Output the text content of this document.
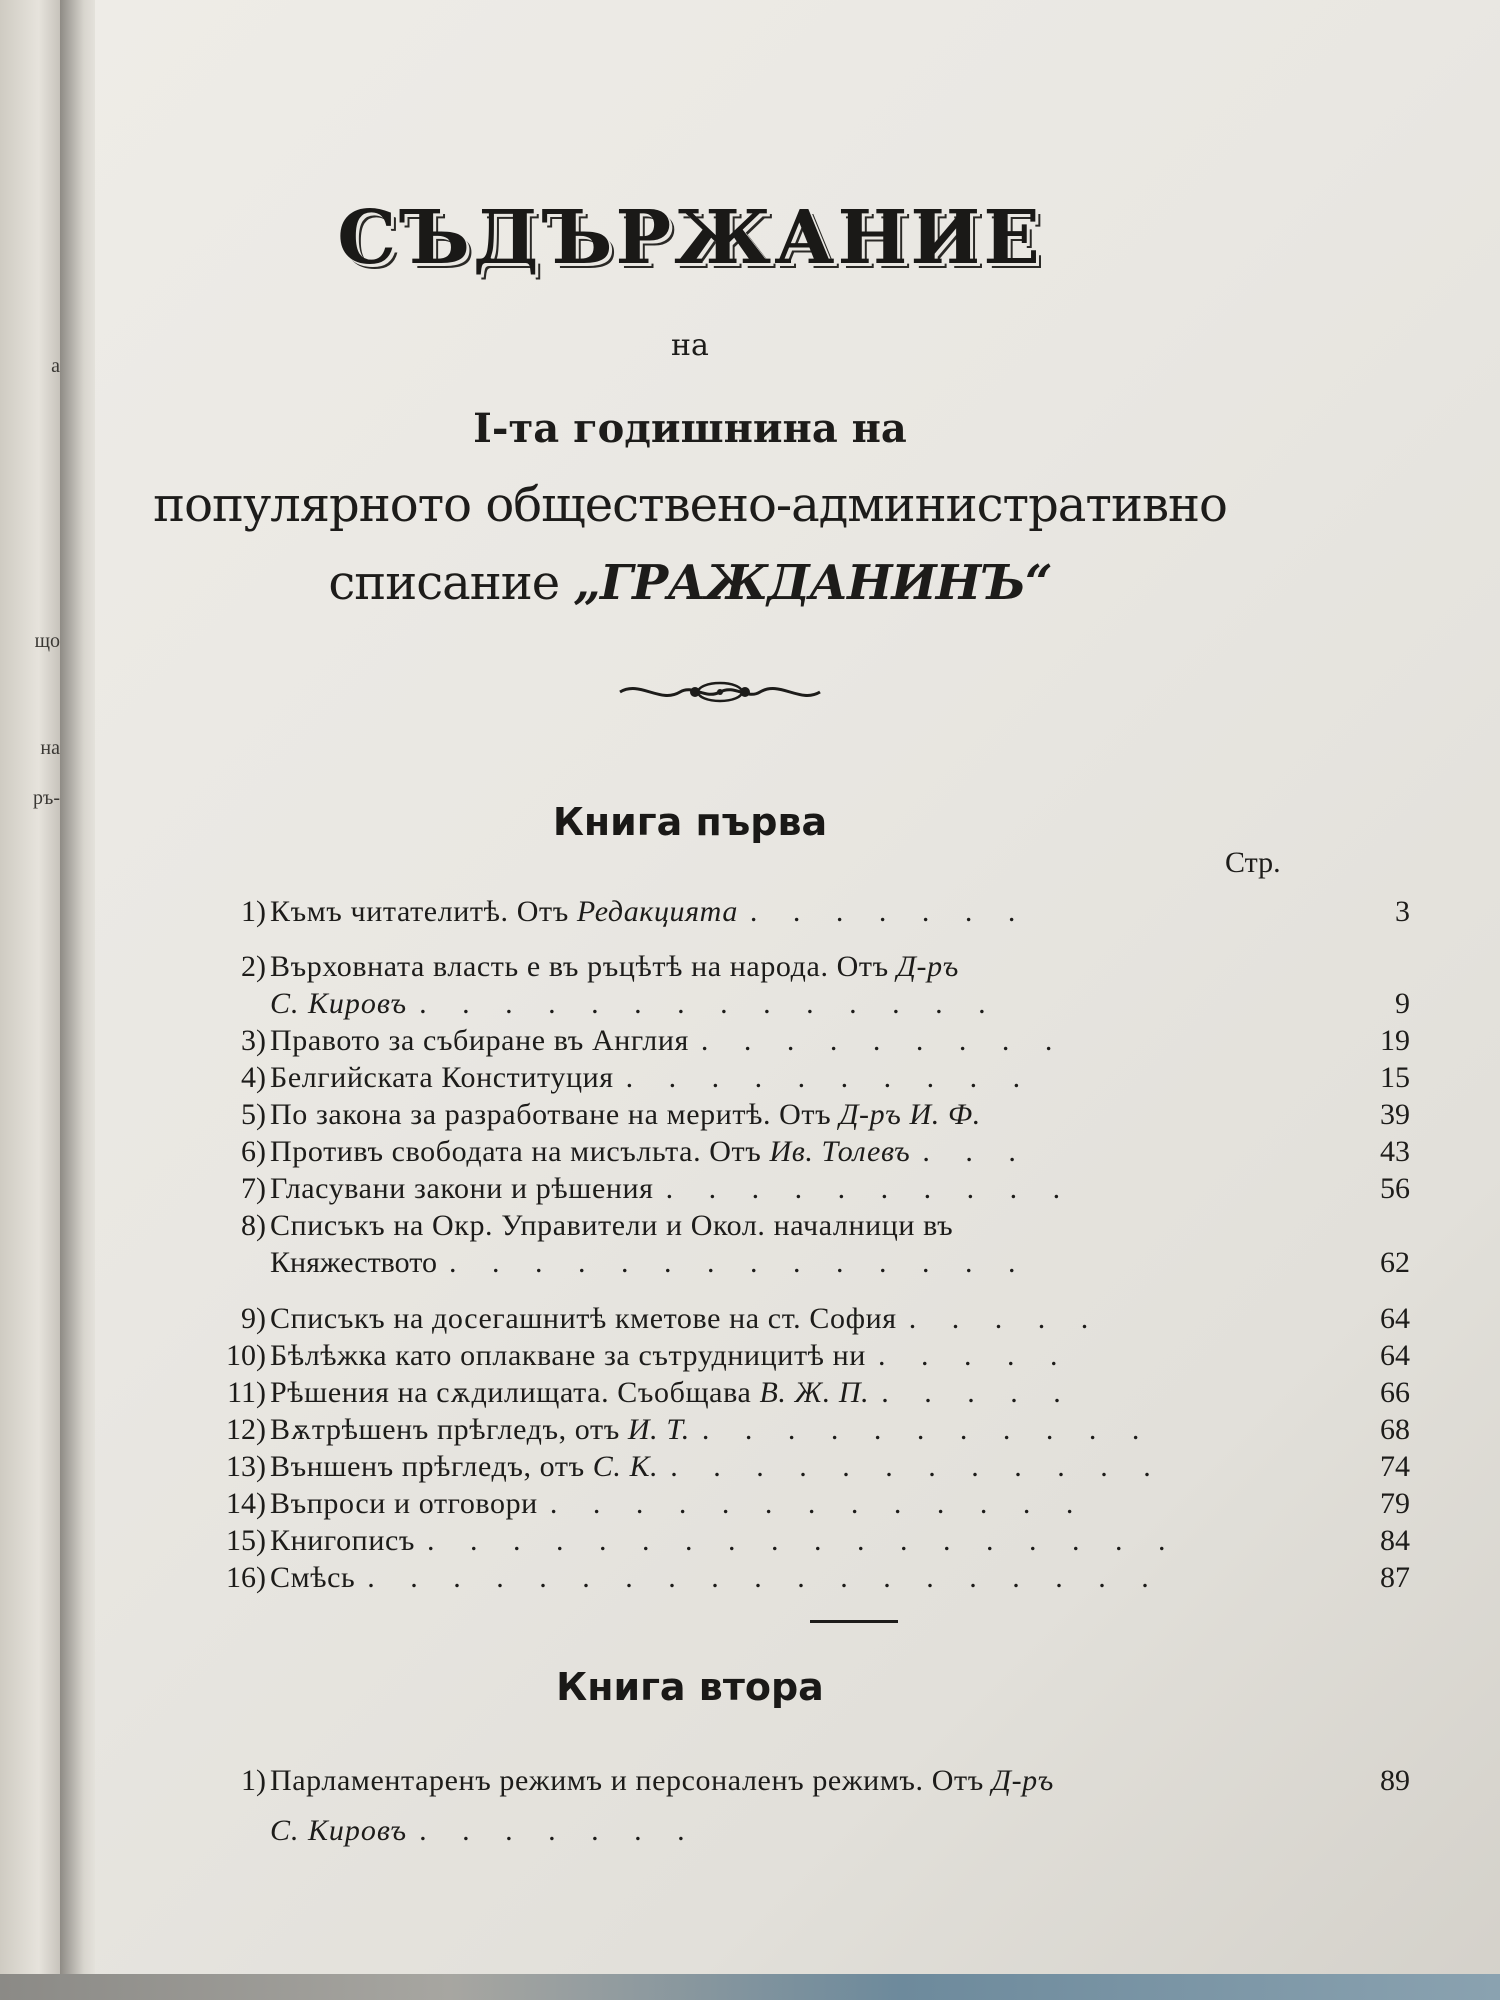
а
що
на
ръ-
СЪДЪРЖАНИЕ
на
I-та годишнина на
популярното обществено-административно
списание „ГРАЖДАНИНЪ“
Книга първа
Стр.
1) Къмъ читателитѣ. Отъ Редакцията . . . . . . .	3
2) Върховната власть е въ ръцѣтѣ на народа. Отъ Д-ръ
С. Кировъ . . . . . . . . . . . . . .	9
3) Правото за събиране въ Англия . . . . . . . . .	19
4) Белгийската Конституция . . . . . . . . . .	15
5) По закона за разработване на меритѣ. Отъ Д-ръ И. Ф.	39
6) Противъ свободата на мисъльта. Отъ Ив. Толевъ . . .	43
7) Гласувани закони и рѣшения . . . . . . . . . .	56
8) Списъкъ на Окр. Управители и Окол. началници въ
Княжеството . . . . . . . . . . . . . .	62
9) Списъкъ на досегашнитѣ кметове на ст. София . . . . .	64
10) Бѣлѣжка като оплакване за сътрудницитѣ ни . . . . .	64
11) Рѣшения на сѫдилищата. Съобщава В. Ж. П. . . . . .	66
12) Вѫтрѣшенъ прѣгледъ, отъ И. Т. . . . . . . . . . . .	68
13) Външенъ прѣгледъ, отъ С. К. . . . . . . . . . . . .	74
14) Въпроси и отговори . . . . . . . . . . . . .	79
15) Книгописъ . . . . . . . . . . . . . . . . . .	84
16) Смѣсь . . . . . . . . . . . . . . . . . . .	87
1) Парламентаренъ режимъ и персоналенъ режимъ. Отъ Д-ръ
С. Кировъ . . . . . . .
89
Книга втора
